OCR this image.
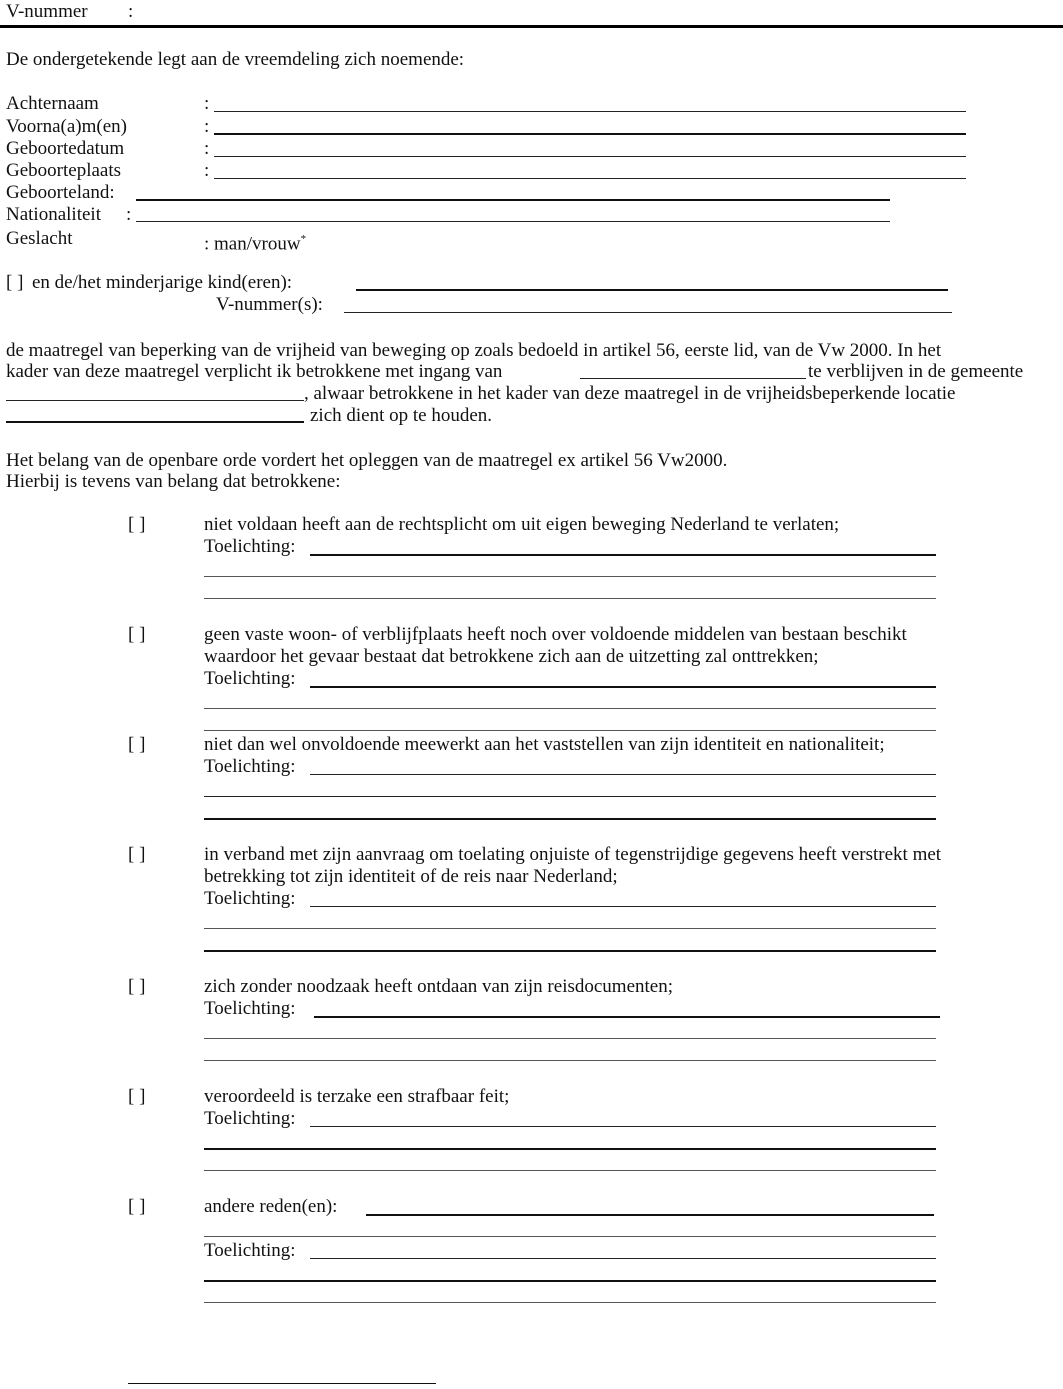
V-nummer :
De ondergetekende legt aan de vreemdeling zich noemende:
Achternaam	:
Voorna(a)m(en)	:
Geboortedatum	:
Geboorteplaats	:
Geboorteland:
Nationaliteit :
Geslacht	: man/vrouw*
[ ] en de/het minderjarige kind(eren):
V-nummer(s):
de maatregel van beperking van de vrijheid van beweging op zoals bedoeld in artikel 56, eerste lid, van de Vw 2000. In het
kader van deze maatregel verplicht ik betrokkene met ingang van	te verblijven in de gemeente
, alwaar betrokkene in het kader van deze maatregel in de vrijheidsbeperkende locatie
zich dient op te houden.
Het belang van de openbare orde vordert het opleggen van de maatregel ex artikel 56 Vw2000.
Hierbij is tevens van belang dat betrokkene:
[ ]	niet voldaan heeft aan de rechtsplicht om uit eigen beweging Nederland te verlaten;
Toelichting:
[ ]	geen vaste woon- of verblijfplaats heeft noch over voldoende middelen van bestaan beschikt
waardoor het gevaar bestaat dat betrokkene zich aan de uitzetting zal onttrekken;
Toelichting:
[ ]	niet dan wel onvoldoende meewerkt aan het vaststellen van zijn identiteit en nationaliteit;
Toelichting:
[ ]	in verband met zijn aanvraag om toelating onjuiste of tegenstrijdige gegevens heeft verstrekt met
betrekking tot zijn identiteit of de reis naar Nederland;
Toelichting:
[ ]	zich zonder noodzaak heeft ontdaan van zijn reisdocumenten;
Toelichting:
[ ]	veroordeeld is terzake een strafbaar feit;
Toelichting:
[ ]	andere reden(en):
Toelichting:
